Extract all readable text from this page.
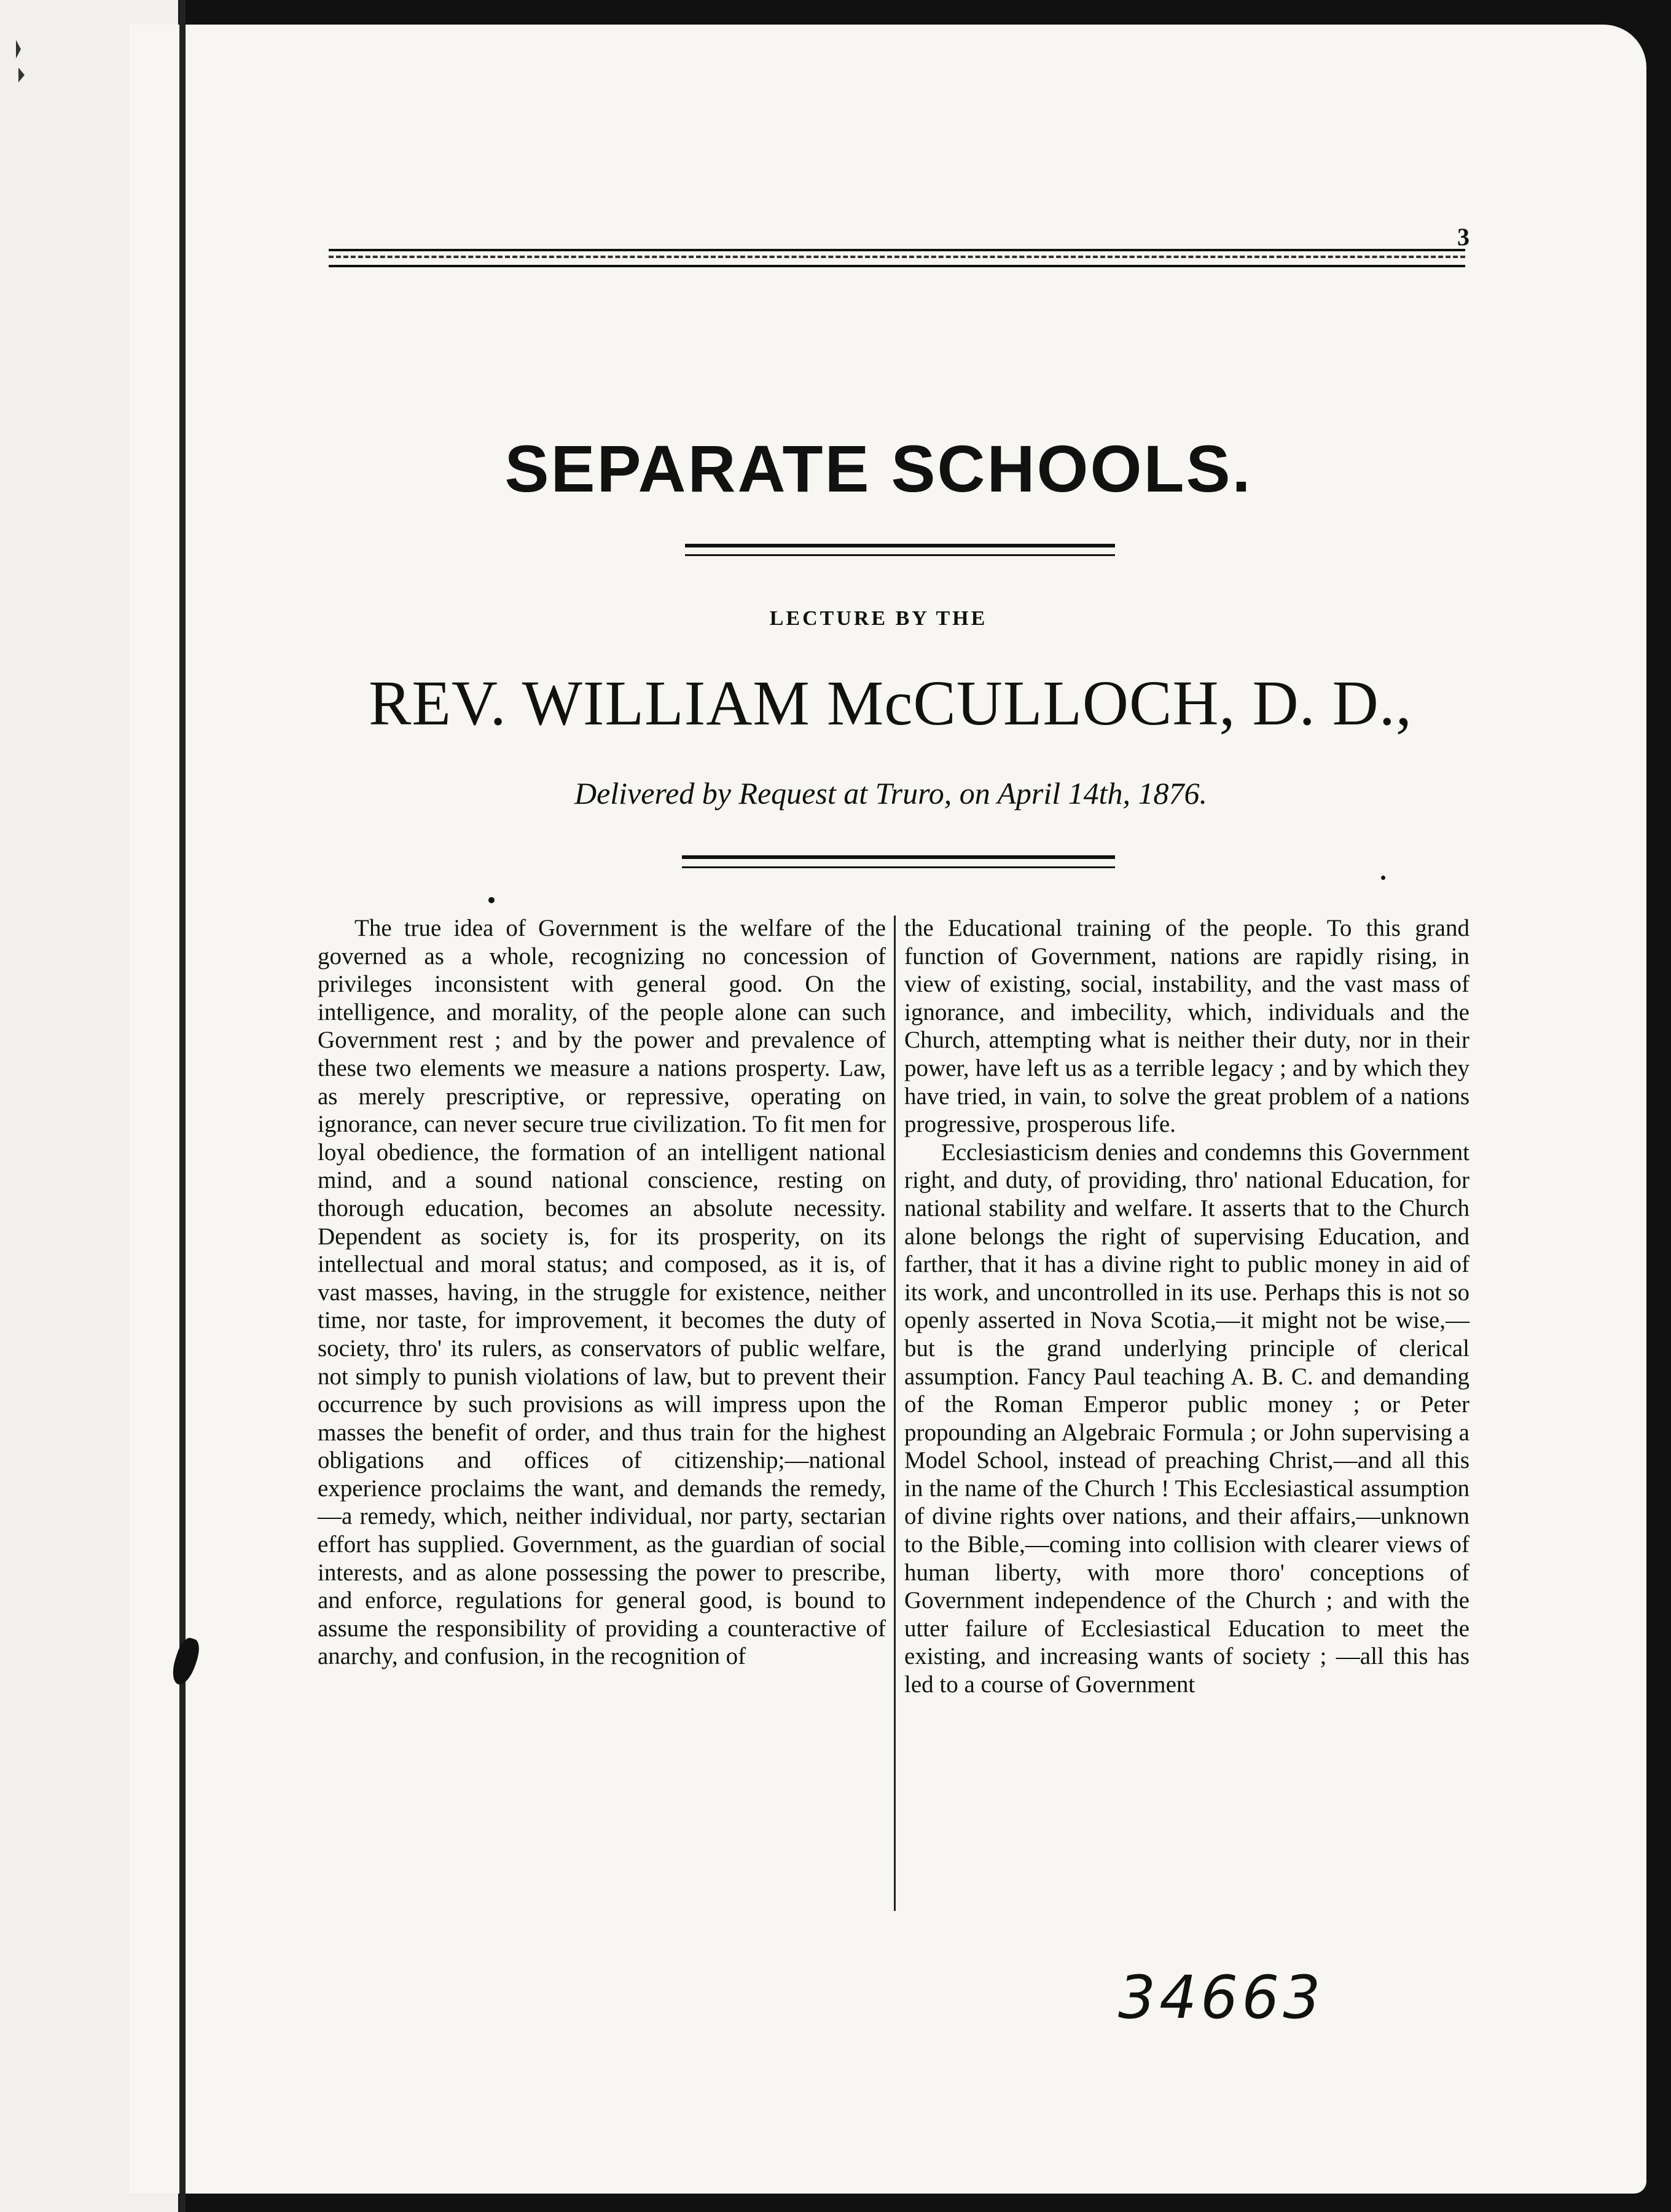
3
SEPARATE SCHOOLS.
LECTURE BY THE
REV. WILLIAM McCULLOCH, D. D.,
Delivered by Request at Truro, on April 14th, 1876.

The true idea of Government is the welfare of the governed as a whole, recognizing no concession of privileges inconsistent with general good. On the intelligence, and morality, of the people alone can such Government rest ; and by the power and prevalence of these two elements we measure a nations prosperty. Law, as merely prescriptive, or repressive, operating on ignorance, can never secure true civilization. To fit men for loyal obedience, the formation of an intelligent national mind, and a sound national conscience, resting on thorough education, becomes an absolute necessity. Dependent as society is, for its prosperity, on its intellectual and moral status; and composed, as it is, of vast masses, having, in the struggle for existence, neither time, nor taste, for improvement, it becomes the duty of society, thro' its rulers, as conservators of public welfare, not simply to punish violations of law, but to prevent their occurrence by such provisions as will impress upon the masses the benefit of order, and thus train for the highest obligations and offices of citizenship;—national experience proclaims the want, and demands the remedy,—a remedy, which, neither individual, nor party, sectarian effort has supplied. Government, as the guardian of social interests, and as alone possessing the power to prescribe, and enforce, regulations for general good, is bound to assume the responsibility of providing a counteractive of anarchy, and confusion, in the recognition of

the Educational training of the people. To this grand function of Government, nations are rapidly rising, in view of existing, social, instability, and the vast mass of ignorance, and imbecility, which, individuals and the Church, attempting what is neither their duty, nor in their power, have left us as a terrible legacy ; and by which they have tried, in vain, to solve the great problem of a nations progressive, prosperous life.

Ecclesiasticism denies and condemns this Government right, and duty, of providing, thro' national Education, for national stability and welfare. It asserts that to the Church alone belongs the right of supervising Education, and farther, that it has a divine right to public money in aid of its work, and uncontrolled in its use. Perhaps this is not so openly asserted in Nova Scotia,—it might not be wise,—but is the grand underlying principle of clerical assumption. Fancy Paul teaching A. B. C. and demanding of the Roman Emperor public money ; or Peter propounding an Algebraic Formula ; or John supervising a Model School, instead of preaching Christ,—and all this in the name of the Church ! This Ecclesiastical assumption of divine rights over nations, and their affairs,—unknown to the Bible,—coming into collision with clearer views of human liberty, with more thoro' conceptions of Government independence of the Church ; and with the utter failure of Ecclesiastical Education to meet the existing, and increasing wants of society ; —all this has led to a course of Government

34663
